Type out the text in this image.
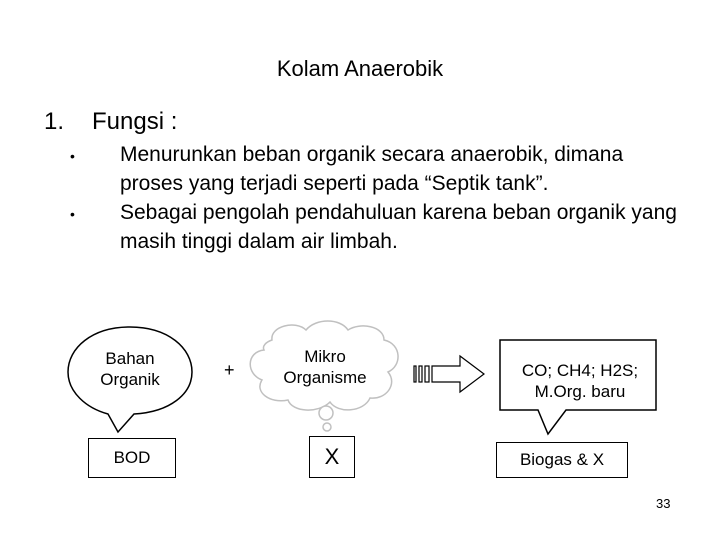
Kolam Anaerobik
1. Fungsi :
• Menurunkan beban organik secara anaerobik, dimana proses yang terjadi seperti pada “Septik tank”.
• Sebagai pengolah pendahuluan karena beban organik yang masih tinggi dalam air limbah.
Bahan Organik
BOD
+
Mikro Organisme
X
CO; CH4; H2S; M.Org. baru
Biogas & X
33
